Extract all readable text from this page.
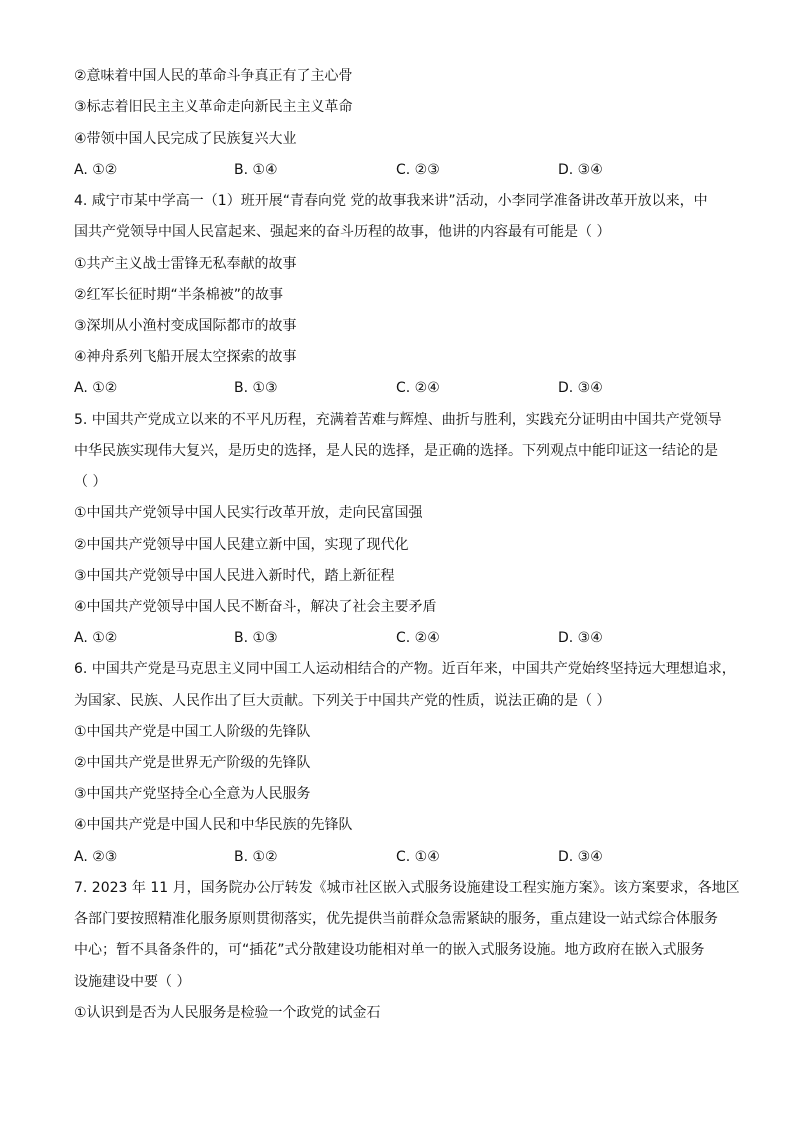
②意味着中国人民的革命斗争真正有了主心骨
③标志着旧民主主义革命走向新民主主义革命
④带领中国人民完成了民族复兴大业
A. ①②	B. ①④	C. ②③	D. ③④
4. 咸宁市某中学高一（1）班开展“青春向党 党的故事我来讲”活动，小李同学准备讲改革开放以来，中
国共产党领导中国人民富起来、强起来的奋斗历程的故事，他讲的内容最有可能是（ ）
①共产主义战士雷锋无私奉献的故事
②红军长征时期“半条棉被”的故事
③深圳从小渔村变成国际都市的故事
④神舟系列飞船开展太空探索的故事
A. ①②	B. ①③	C. ②④	D. ③④
5. 中国共产党成立以来的不平凡历程，充满着苦难与辉煌、曲折与胜利，实践充分证明由中国共产党领导
中华民族实现伟大复兴，是历史的选择，是人民的选择，是正确的选择。下列观点中能印证这一结论的是
（ ）
①中国共产党领导中国人民实行改革开放，走向民富国强
②中国共产党领导中国人民建立新中国，实现了现代化
③中国共产党领导中国人民进入新时代，踏上新征程
④中国共产党领导中国人民不断奋斗，解决了社会主要矛盾
A. ①②	B. ①③	C. ②④	D. ③④
6. 中国共产党是马克思主义同中国工人运动相结合的产物。近百年来，中国共产党始终坚持远大理想追求，
为国家、民族、人民作出了巨大贡献。下列关于中国共产党的性质，说法正确的是（ ）
①中国共产党是中国工人阶级的先锋队
②中国共产党是世界无产阶级的先锋队
③中国共产党坚持全心全意为人民服务
④中国共产党是中国人民和中华民族的先锋队
A. ②③	B. ①②	C. ①④	D. ③④
7. 2023 年 11 月，国务院办公厅转发《城市社区嵌入式服务设施建设工程实施方案》。该方案要求，各地区
各部门要按照精准化服务原则贯彻落实，优先提供当前群众急需紧缺的服务，重点建设一站式综合体服务
中心；暂不具备条件的，可“插花”式分散建设功能相对单一的嵌入式服务设施。地方政府在嵌入式服务
设施建设中要（ ）
①认识到是否为人民服务是检验一个政党的试金石
